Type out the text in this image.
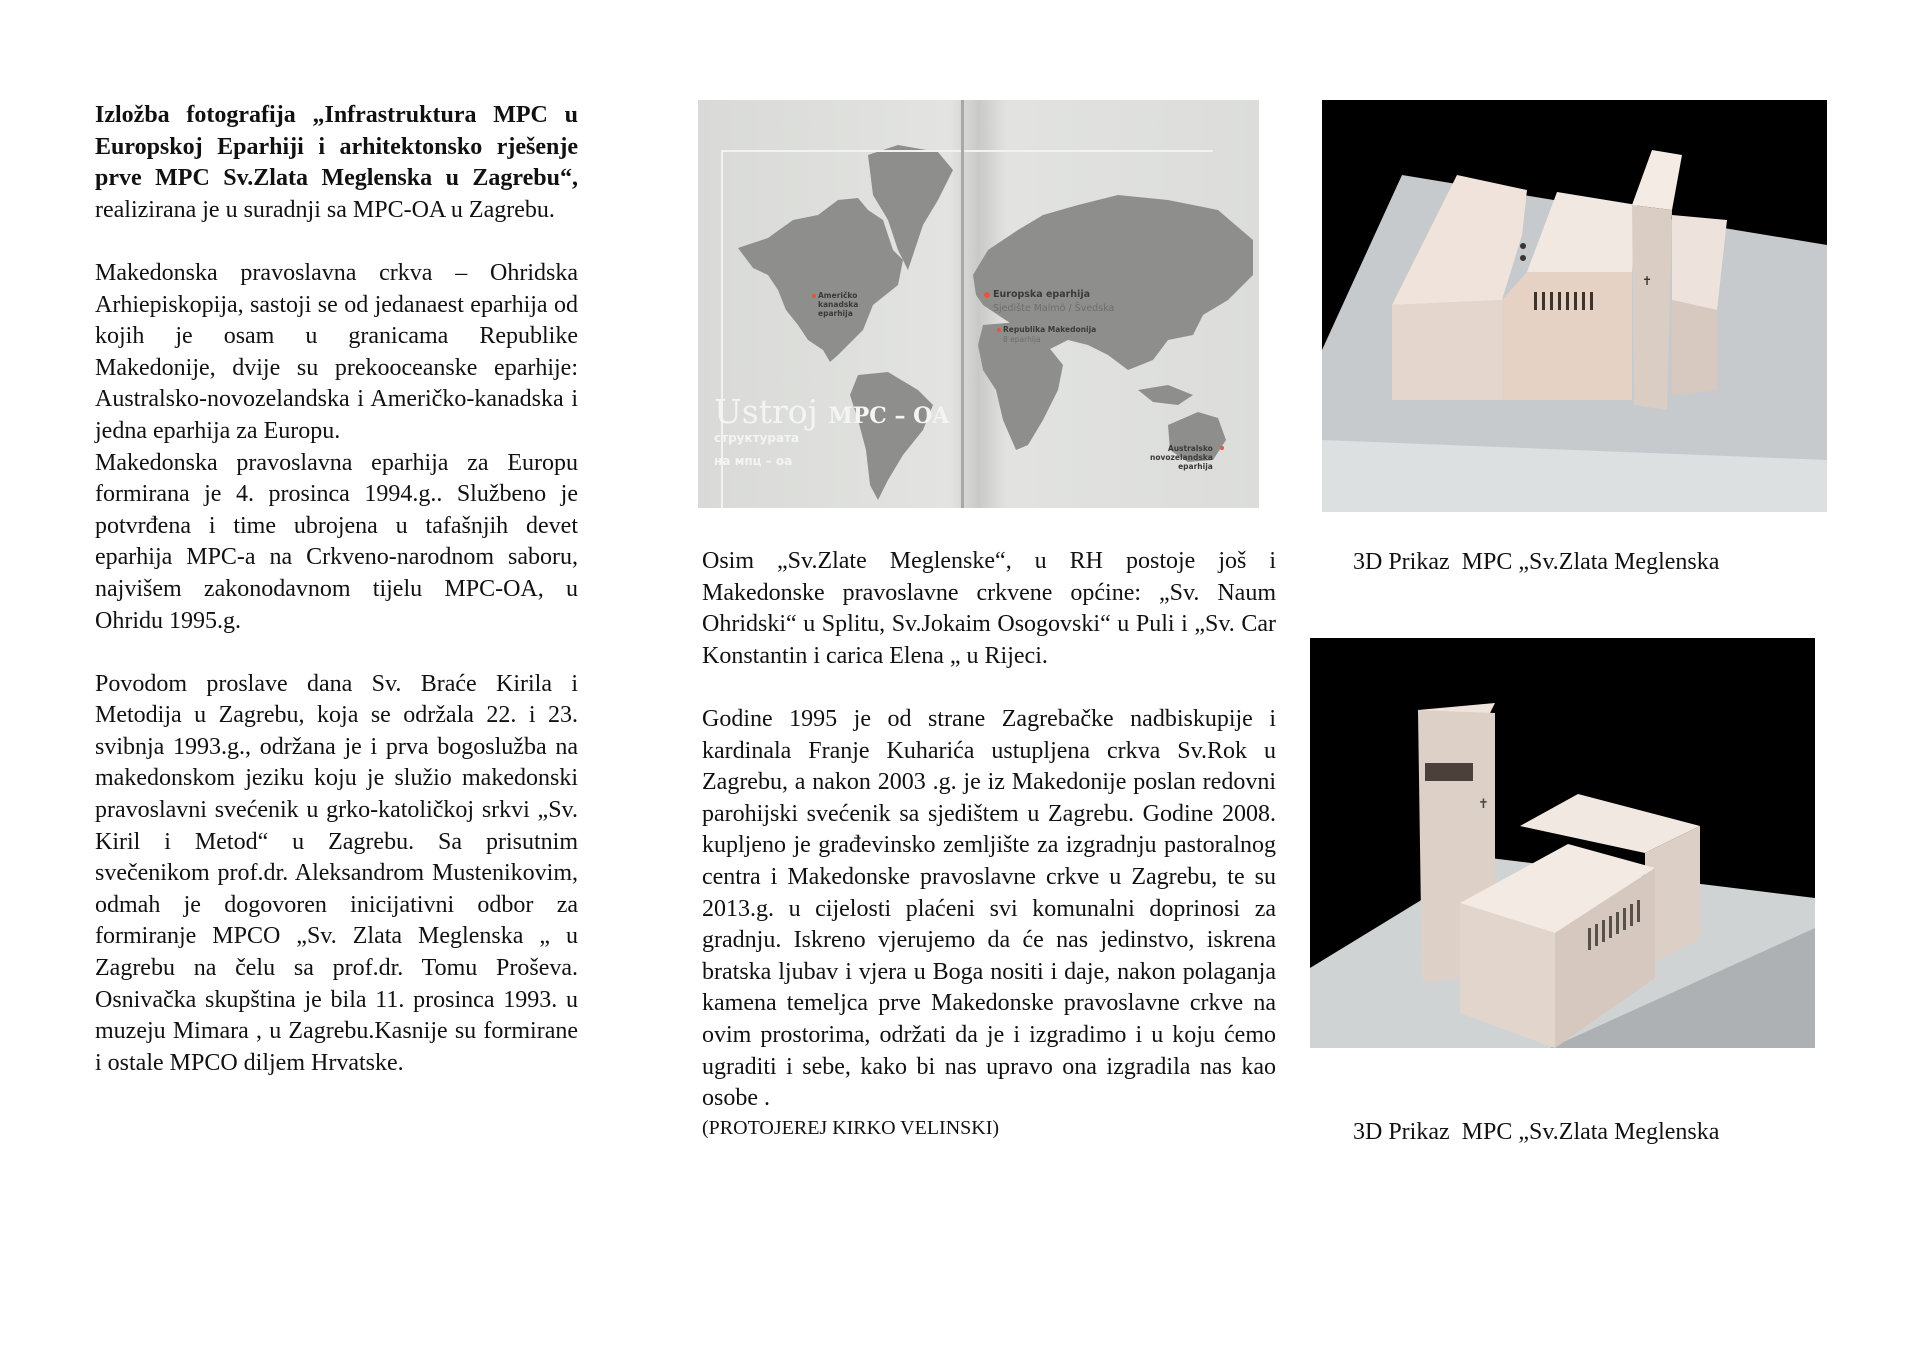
Izložba fotografija „Infrastruktura MPC u Europskoj Eparhiji i arhitektonsko rješenje prve MPC Sv.Zlata Meglenska u Zagrebu“, realizirana je u suradnji sa MPC-OA u Zagrebu.

Makedonska pravoslavna crkva – Ohridska Arhiepiskopija, sastoji se od jedanaest eparhija od kojih je osam u granicama Republike Makedonije, dvije su prekooceanske eparhije: Australsko-novozelandska i Američko-kanadska i jedna eparhija za Europu.

Makedonska pravoslavna eparhija za Europu formirana je 4. prosinca 1994.g.. Službeno je potvrđena i time ubrojena u tafašnjih devet eparhija MPC-a na Crkveno-narodnom saboru, najvišem zakonodavnom tijelu MPC-OA, u Ohridu 1995.g.

Povodom proslave dana Sv. Braće Kirila i Metodija u Zagrebu, koja se održala 22. i 23. svibnja 1993.g., održana je i prva bogoslužba na makedonskom jeziku koju je služio makedonski pravoslavni svećenik u grko-katoličkoj srkvi „Sv. Kiril i Metod“ u Zagrebu. Sa prisutnim svečenikom prof.dr. Aleksandrom Mustenikovim, odmah je dogovoren inicijativni odbor za formiranje MPCO „Sv. Zlata Meglenska „ u Zagrebu na čelu sa prof.dr. Tomu Proševa. Osnivačka skupština je bila 11. prosinca 1993. u muzeju Mimara , u Zagrebu.Kasnije su formirane i ostale MPCO diljem Hrvatske.

Američko
kanadska
eparhija
Europska eparhija
Sjedište Malmö / Švedska
Republika Makedonija
8 eparhija
Australsko
novozelandska
eparhija
Ustroj MPC – OA
структурата
на мпц – оа

Osim „Sv.Zlate Meglenske“, u RH postoje još i Makedonske pravoslavne crkvene općine: „Sv. Naum Ohridski“ u Splitu, Sv.Jokaim Osogovski“ u Puli i „Sv. Car Konstantin i carica Elena „ u Rijeci.

Godine 1995 je od strane Zagrebačke nadbiskupije i kardinala Franje Kuharića ustupljena crkva Sv.Rok u Zagrebu, a nakon 2003 .g. je iz Makedonije poslan redovni parohijski svećenik sa sjedištem u Zagrebu. Godine 2008. kupljeno je građevinsko zemljište za izgradnju pastoralnog centra i Makedonske pravoslavne crkve u Zagrebu, te su 2013.g. u cijelosti plaćeni svi komunalni doprinosi za gradnju. Iskreno vjerujemo da će nas jedinstvo, iskrena bratska ljubav i vjera u Boga nositi i daje, nakon polaganja kamena temeljca prve Makedonske pravoslavne crkve na ovim prostorima, održati da je i izgradimo i u koju ćemo ugraditi i sebe, kako bi nas upravo ona izgradila nas kao osobe .

(PROTOJEREJ KIRKO VELINSKI)

✝
3D Prikaz  MPC „Sv.Zlata Meglenska
✝
3D Prikaz  MPC „Sv.Zlata Meglenska
